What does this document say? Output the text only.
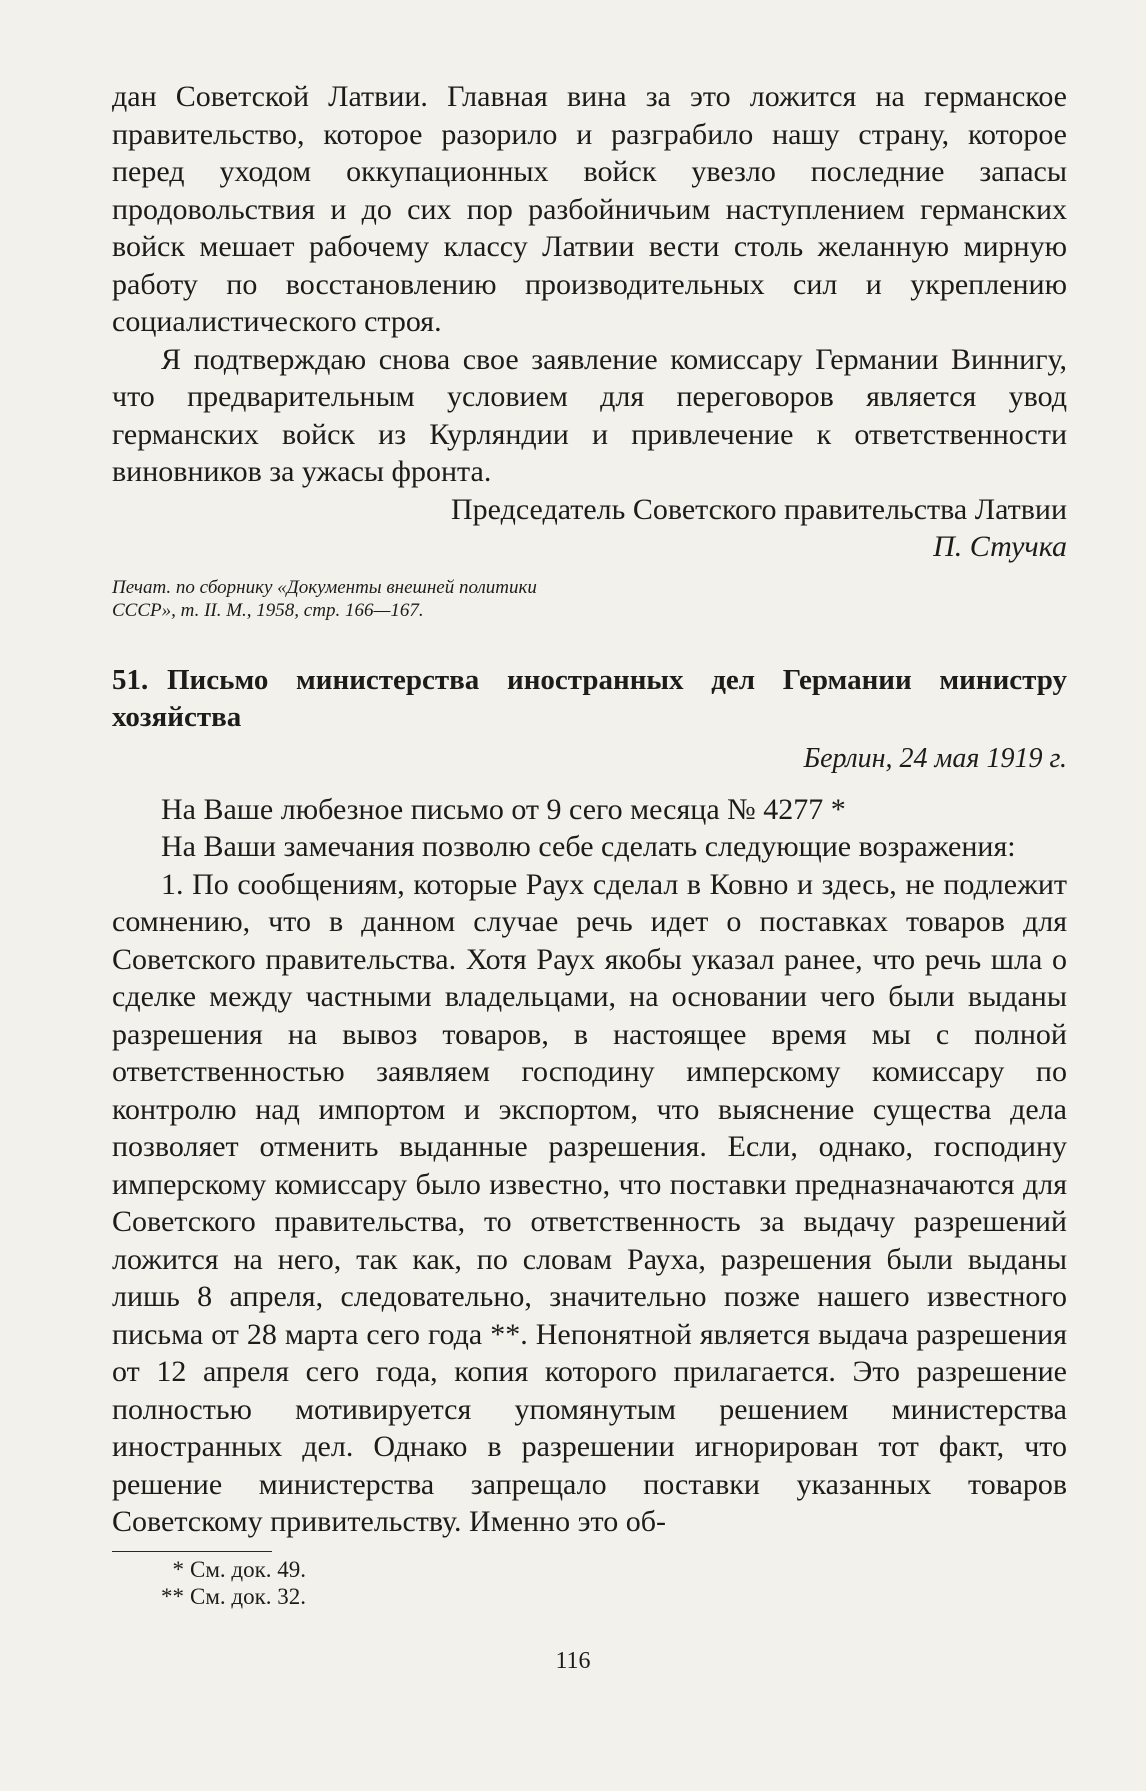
дан Советской Латвии. Главная вина за это ложится на германское правительство, которое разорило и разграбило нашу страну, которое перед уходом оккупационных войск увезло последние запасы продовольствия и до сих пор разбойничьим наступлением германских войск мешает рабочему классу Латвии вести столь желанную мирную работу по восстановлению производительных сил и укреплению социалистического строя.

Я подтверждаю снова свое заявление комиссару Германии Виннигу, что предварительным условием для переговоров является увод германских войск из Курляндии и привлечение к ответственности виновников за ужасы фронта.

Председатель Советского правительства Латвии

П. Стучка

Печат. по сборнику «Документы внешней политики СССР», т. II. М., 1958, стр. 166—167.

51. Письмо министерства иностранных дел Германии министру хозяйства

Берлин, 24 мая 1919 г.

На Ваше любезное письмо от 9 сего месяца № 4277 *

На Ваши замечания позволю себе сделать следующие возражения:

1. По сообщениям, которые Раух сделал в Ковно и здесь, не подлежит сомнению, что в данном случае речь идет о поставках товаров для Советского правительства. Хотя Раух якобы указал ранее, что речь шла о сделке между частными владельцами, на основании чего были выданы разрешения на вывоз товаров, в настоящее время мы с полной ответственностью заявляем господину имперскому комиссару по контролю над импортом и экспортом, что выяснение существа дела позволяет отменить выданные разрешения. Если, однако, господину имперскому комиссару было известно, что поставки предназначаются для Советского правительства, то ответственность за выдачу разрешений ложится на него, так как, по словам Рауха, разрешения были выданы лишь 8 апреля, следовательно, значительно позже нашего известного письма от 28 марта сего года **. Непонятной является выдача разрешения от 12 апреля сего года, копия которого прилагается. Это разрешение полностью мотивируется упомянутым решением министерства иностранных дел. Однако в разрешении игнорирован тот факт, что решение министерства запрещало поставки указанных товаров Советскому привительству. Именно это об-

* См. док. 49.

** См. док. 32.

116
